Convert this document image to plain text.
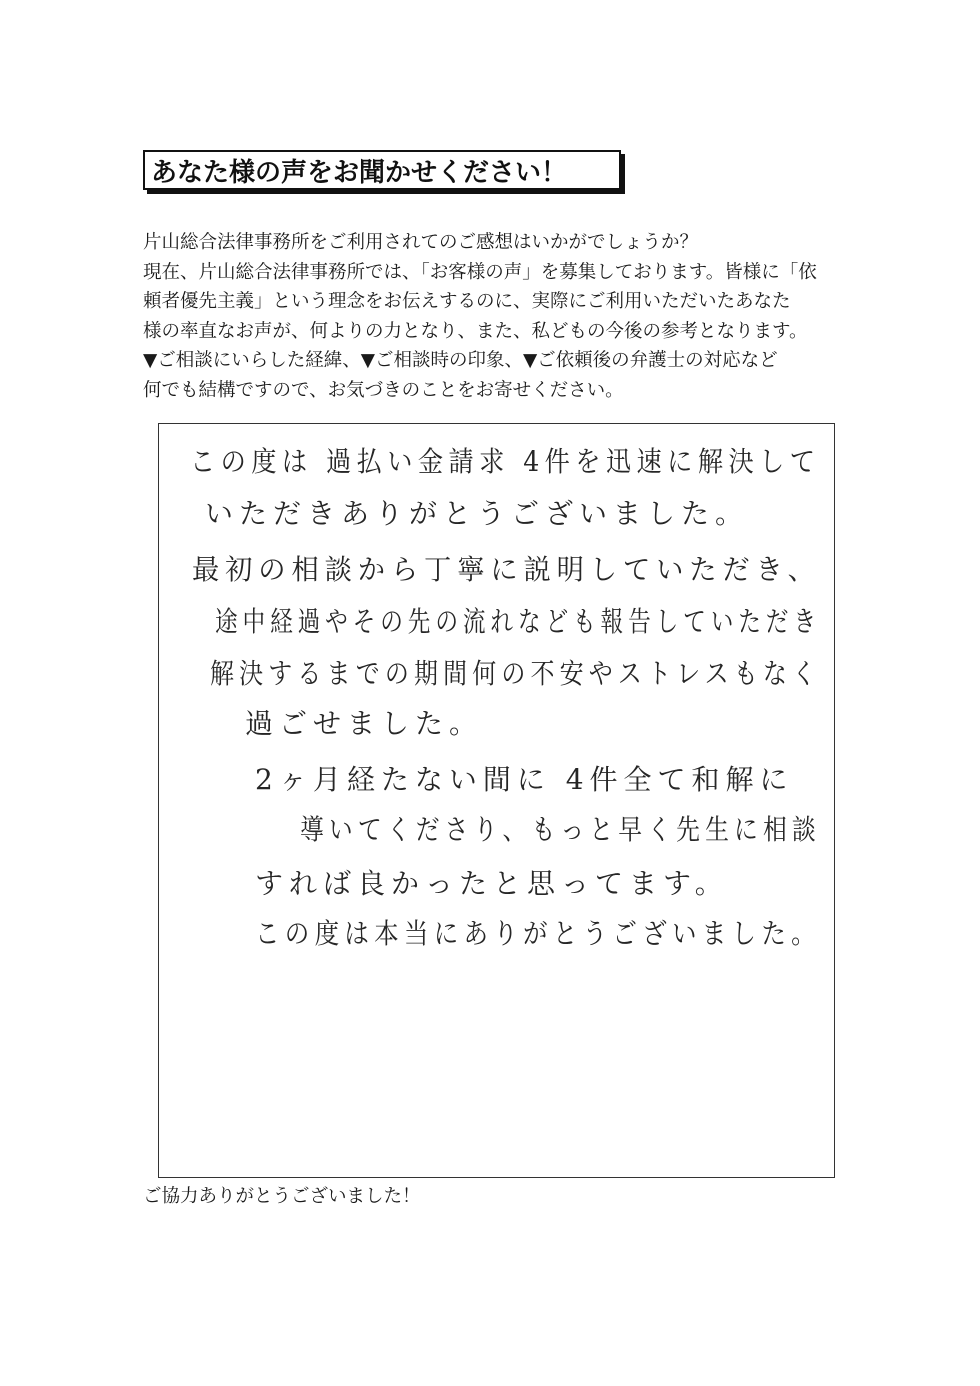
あなた様の声をお聞かせください！
片山総合法律事務所をご利用されてのご感想はいかがでしょうか？
現在、片山総合法律事務所では、「お客様の声」を募集しております。皆様に「依
頼者優先主義」という理念をお伝えするのに、実際にご利用いただいたあなた
様の率直なお声が、何よりの力となり、また、私どもの今後の参考となります。
▼ご相談にいらした経緯、▼ご相談時の印象、▼ご依頼後の弁護士の対応など
何でも結構ですので、お気づきのことをお寄せください。
この度は 過払い金請求 4件を迅速に解決して
いただきありがとうございました。
最初の相談から丁寧に説明していただき、
途中経過やその先の流れなども報告していただき
解決するまでの期間何の不安やストレスもなく
過ごせました。
2ヶ月経たない間に 4件全て和解に
導いてくださり、もっと早く先生に相談
すれば良かったと思ってます。
この度は本当にありがとうございました。
ご協力ありがとうございました！
